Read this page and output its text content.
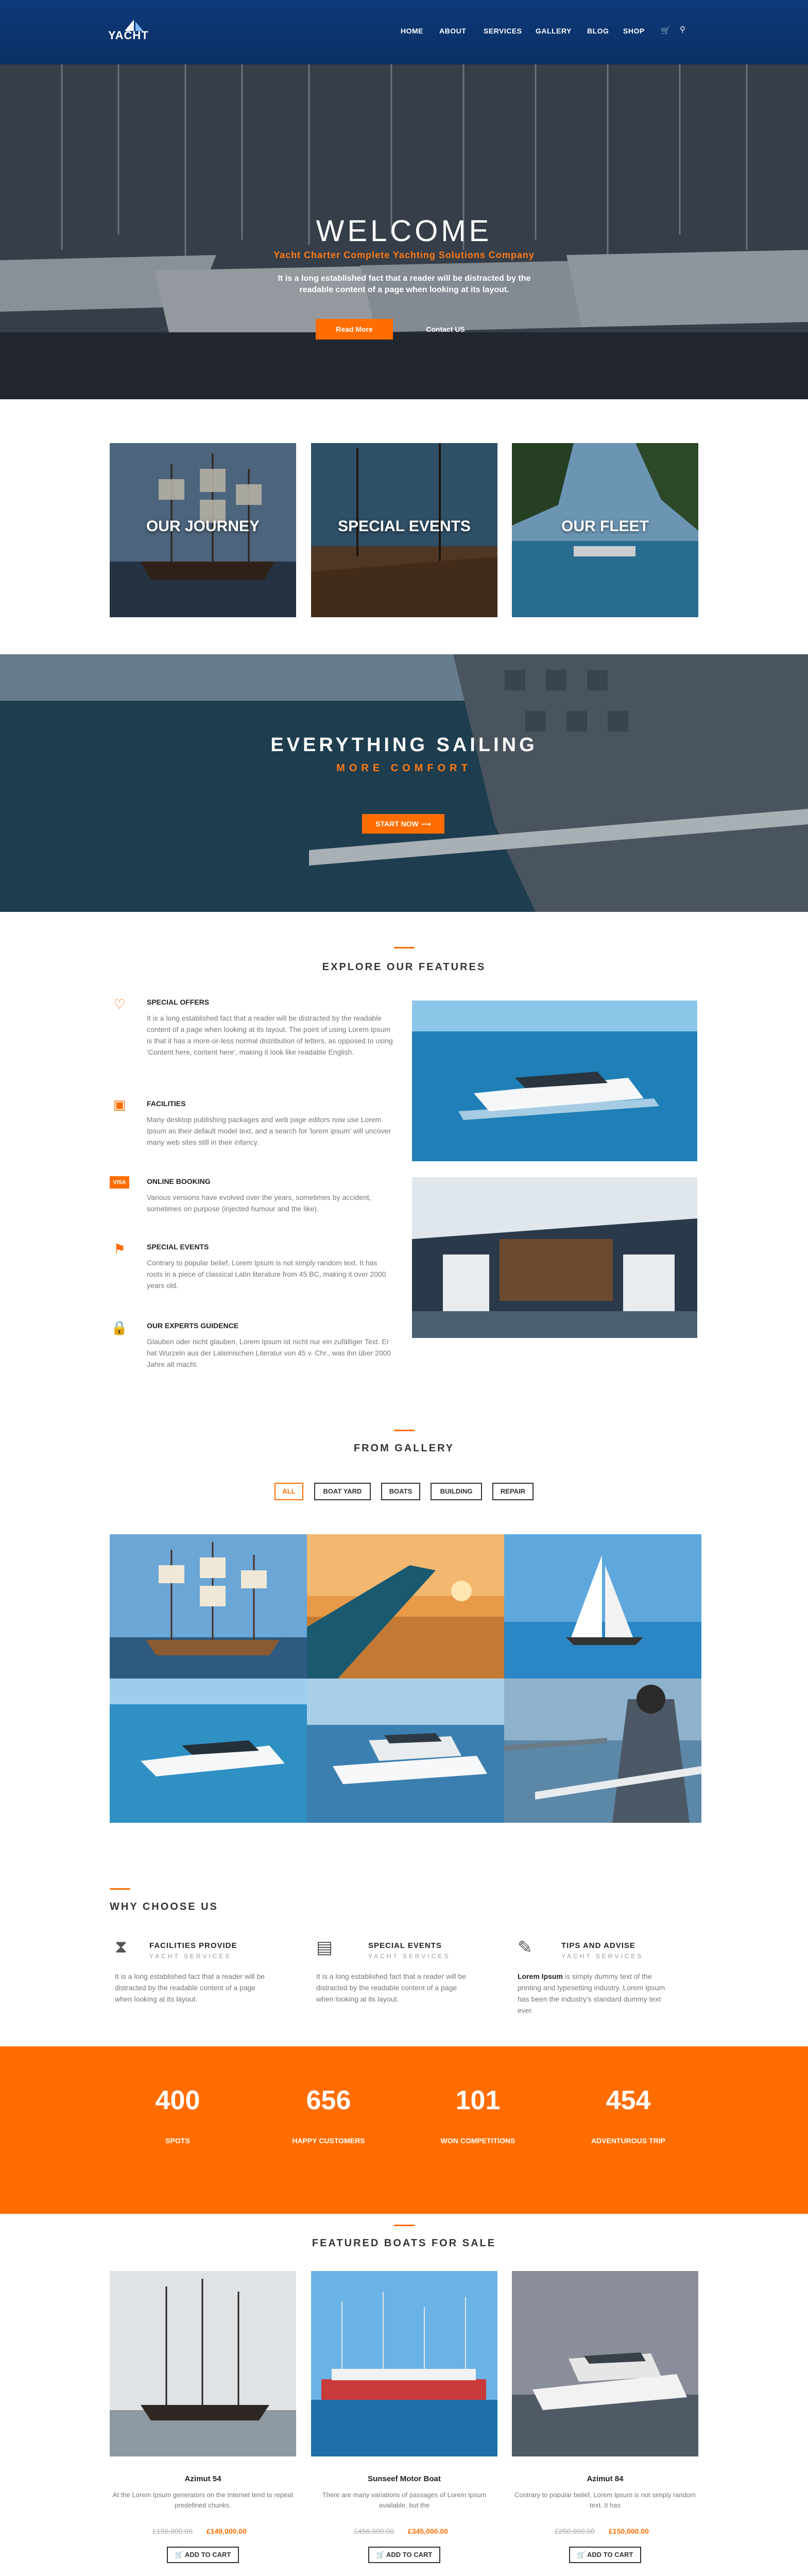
YACHT	HOME ABOUT SERVICES GALLERY BLOG SHOP 🛒 ⚲
WELCOME
Yacht Charter Complete Yachting Solutions Company
It is a long established fact that a reader will be distracted by the readable content of a page when looking at its layout.
Read More	Contact US
OUR JOURNEY	SPECIAL EVENTS	OUR FLEET
EVERYTHING SAILING
MORE COMFORT
START NOW ⟶
EXPLORE OUR FEATURES
♡	SPECIAL OFFERS
It is a long established fact that a reader will be distracted by the readable content of a page when looking at its layout. The point of using Lorem Ipsum is that it has a more-or-less normal distribution of letters, as opposed to using 'Content here, content here', making it look like readable English.
▣	FACILITIES
Many desktop publishing packages and web page editors now use Lorem Ipsum as their default model text, and a search for 'lorem ipsum' will uncover many web sites still in their infancy.
VISA	ONLINE BOOKING
Various versions have evolved over the years, sometimes by accident, sometimes on purpose (injected humour and the like).
⚑	SPECIAL EVENTS
Contrary to popular belief, Lorem Ipsum is not simply random text. It has roots in a piece of classical Latin literature from 45 BC, making it over 2000 years old.
🔒	OUR EXPERTS GUIDENCE
Glauben oder nicht glauben, Lorem Ipsum ist nicht nur ein zufälliger Text. Er hat Wurzeln aus der Lateinischen Literatur von 45 v. Chr., was ihn über 2000 Jahre alt macht.
FROM GALLERY
ALL	BOAT YARD	BOATS	BUILDING	REPAIR
WHY CHOOSE US
⧗	FACILITIES PROVIDE
YACHT SERVICES
It is a long established fact that a reader will be distracted by the readable content of a page when looking at its layout.
▤	SPECIAL EVENTS
YACHT SERVICES
It is a long established fact that a reader will be distracted by the readable content of a page when looking at its layout.
✎	TIPS AND ADVISE
YACHT SERVICES
Lorem Ipsum is simply dummy text of the printing and typesetting industry. Lorem Ipsum has been the industry's standard dummy text ever.
400
SPOTS
656
HAPPY CUSTOMERS
101
WON COMPETITIONS
454
ADVENTUROUS TRIP
FEATURED BOATS FOR SALE
Azimut 54
At the Lorem Ipsum generators on the Internet tend to repeat predefined chunks.
£150,000.00 £149,000.00
🛒 ADD TO CART
Sunseef Motor Boat
There are many variations of passages of Lorem Ipsum available, but the
£456,000.00 £345,000.00
🛒 ADD TO CART
Azimut 84
Contrary to popular belief, Lorem Ipsum is not simply random text. It has
£250,000.00 £150,000.00
🛒 ADD TO CART
